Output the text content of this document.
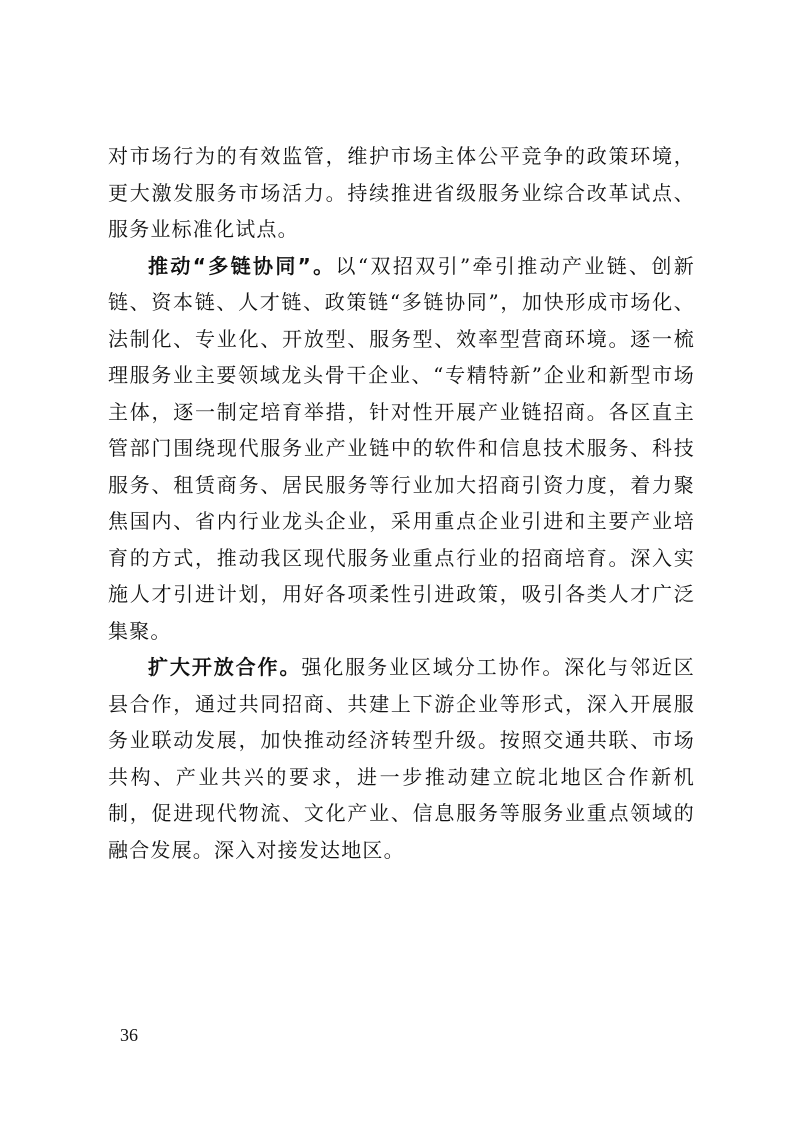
对市场行为的有效监管，维护市场主体公平竞争的政策环境，更大激发服务市场活力。持续推进省级服务业综合改革试点、服务业标准化试点。

推动“多链协同”。以“双招双引”牵引推动产业链、创新链、资本链、人才链、政策链“多链协同”，加快形成市场化、法制化、专业化、开放型、服务型、效率型营商环境。逐一梳理服务业主要领域龙头骨干企业、“专精特新”企业和新型市场主体，逐一制定培育举措，针对性开展产业链招商。各区直主管部门围绕现代服务业产业链中的软件和信息技术服务、科技服务、租赁商务、居民服务等行业加大招商引资力度，着力聚焦国内、省内行业龙头企业，采用重点企业引进和主要产业培育的方式，推动我区现代服务业重点行业的招商培育。深入实施人才引进计划，用好各项柔性引进政策，吸引各类人才广泛集聚。

扩大开放合作。强化服务业区域分工协作。深化与邻近区县合作，通过共同招商、共建上下游企业等形式，深入开展服务业联动发展，加快推动经济转型升级。按照交通共联、市场共构、产业共兴的要求，进一步推动建立皖北地区合作新机制，促进现代物流、文化产业、信息服务等服务业重点领域的融合发展。深入对接发达地区。

36
